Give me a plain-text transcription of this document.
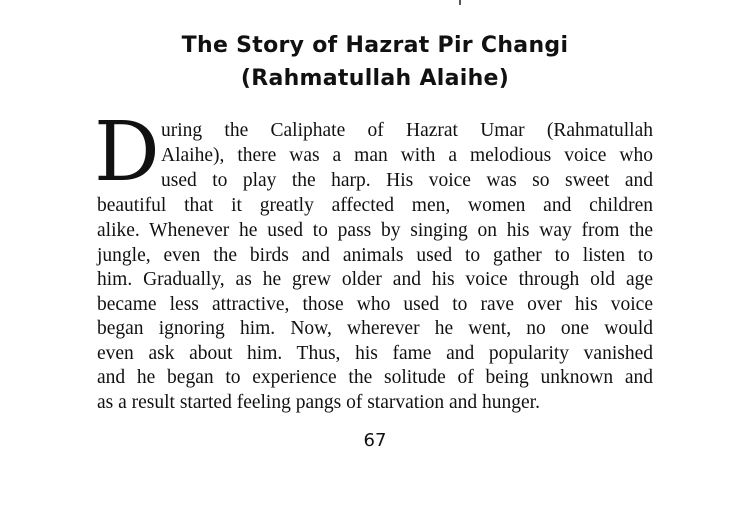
The Story of Hazrat Pir Changi
(Rahmatullah Alaihe)
D uring the Caliphate of Hazrat Umar (Rahmatullah
Alaihe), there was a man with a melodious voice who
used to play the harp. His voice was so sweet and
beautiful that it greatly affected men, women and children
alike. Whenever he used to pass by singing on his way from the
jungle, even the birds and animals used to gather to listen to
him. Gradually, as he grew older and his voice through old age
became less attractive, those who used to rave over his voice
began ignoring him. Now, wherever he went, no one would
even ask about him. Thus, his fame and popularity vanished
and he began to experience the solitude of being unknown and
as a result started feeling pangs of starvation and hunger.
67
